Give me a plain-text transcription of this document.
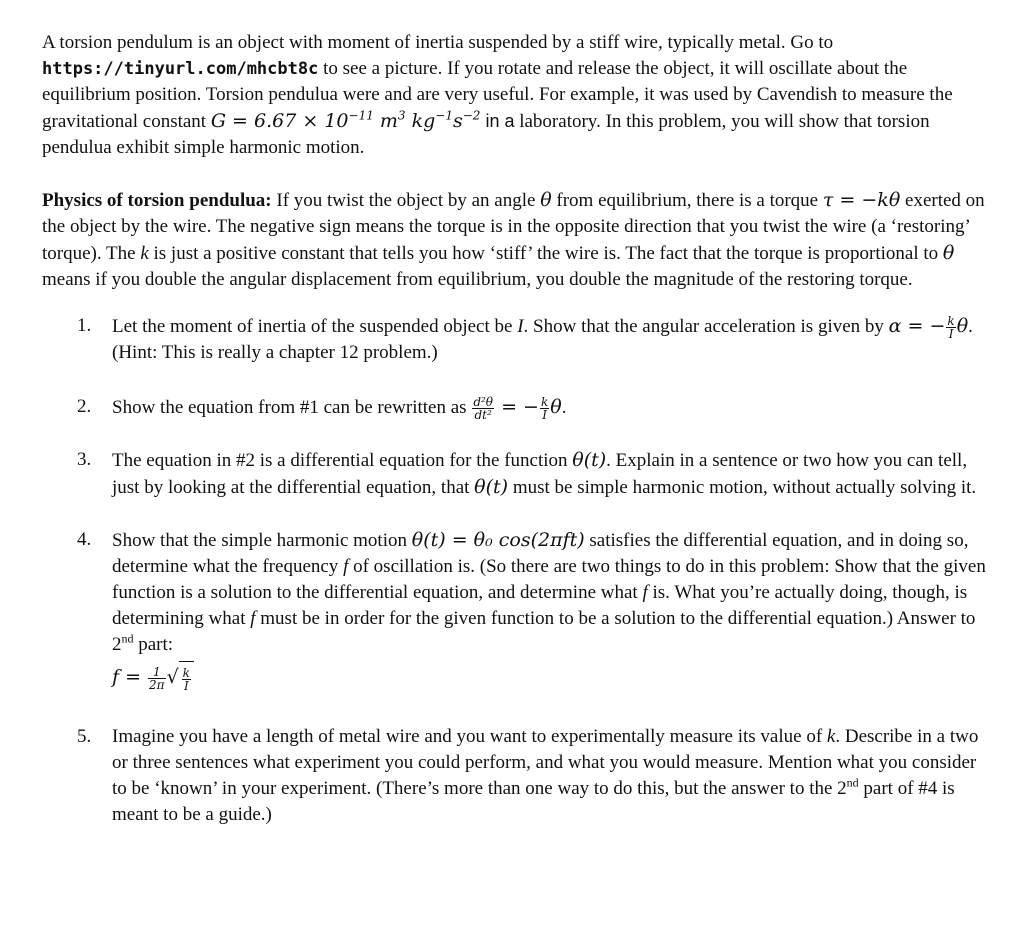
A torsion pendulum is an object with moment of inertia suspended by a stiff wire, typically metal. Go to https://tinyurl.com/mhcbt8c to see a picture. If you rotate and release the object, it will oscillate about the equilibrium position. Torsion pendulua were and are very useful. For example, it was used by Cavendish to measure the gravitational constant $G = 6.67 \times 10^{-11}$ $m^3$ $kg^{-1}s^{-2}$ in a laboratory. In this problem, you will show that torsion pendulua exhibit simple harmonic motion.

Physics of torsion pendulua: If you twist the object by an angle θ from equilibrium, there is a torque τ = −kθ exerted on the object by the wire. The negative sign means the torque is in the opposite direction that you twist the wire (a ‘restoring’ torque). The k is just a positive constant that tells you how ‘stiff’ the wire is. The fact that the torque is proportional to θ means if you double the angular displacement from equilibrium, you double the magnitude of the restoring torque.

1. Let the moment of inertia of the suspended object be I. Show that the angular acceleration is given by α = − $\frac{k}{I} \theta$. (Hint: This is really a chapter 12 problem.)
2. Show the equation from #1 can be rewritten as $\frac{\text{d²θ}}{\text{dt²}}$ = − $\frac{k}{I} \theta$.
3. The equation in #2 is a differential equation for the function θ(t). Explain in a sentence or two how you can tell, just by looking at the differential equation, that θ(t) must be simple harmonic motion, without actually solving it.
4. Show that the simple harmonic motion θ(t) = θ₀ cos(2πft) satisfies the differential equation, and in doing so, determine what the frequency f of oscillation is. (So there are two things to do in this problem: Show that the given function is a solution to the differential equation, and determine what f is. What you’re actually doing, though, is determining what f must be in order for the given function to be a solution to the differential equation.) Answer to 2nd part:
$f = \frac{1}{2\pi}$ √ $\frac{k}{I}$
5. Imagine you have a length of metal wire and you want to experimentally measure its value of k. Describe in a two or three sentences what experiment you could perform, and what you would measure. Mention what you consider to be ‘known’ in your experiment. (There’s more than one way to do this, but the answer to the 2nd part of #4 is meant to be a guide.)
